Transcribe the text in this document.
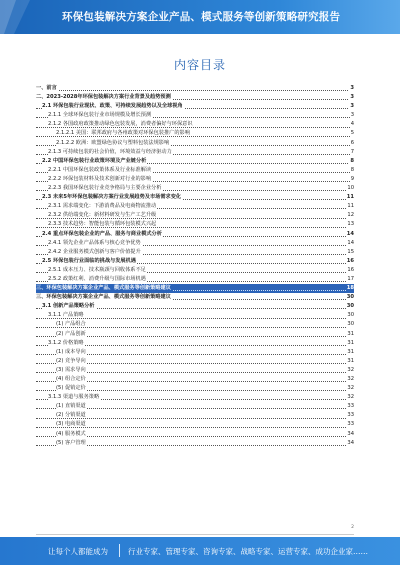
环保包装解决方案企业产品、模式服务等创新策略研究报告
内容目录
一、前言	3
二、2023-2028年环保包装解决方案行业背景及趋势预测	3
2.1 环保包装行业现状、政策、可持续发展趋势以及全球视角	3
2.1.1 全球环保包装行业市场规模及增长预测	3
2.1.2 各国政府政策推动绿色包装发展，消费者偏好与环保意识	4
2.1.2.1 美国：联邦政府与各州政策对环保包装推广的影响	5
2.1.2.2 欧洲：欧盟绿色协议与塑料包装法规影响	6
2.1.3 可持续包装的社会价值，环境效益与经济驱动力	7
2.2 中国环保包装行业政策环境及产业链分析	8
2.2.1 中国环保包装政策体系及行业标准解读	8
2.2.2 环保包装材料及技术创新对行业的影响	9
2.2.3 我国环保包装行业竞争格局与主要企业分析	10
2.3 未来5年环保包装解决方案行业发展趋势及市场需求变化	11
2.3.1 需求端变化：下游消费品及电商物流推动	11
2.3.2 供给端变化：新材料研发与生产工艺升级	12
2.3.3 技术趋势：智能包装与循环包装模式兴起	13
2.4 重点环保包装企业的产品、服务与商业模式分析	14
2.4.1 领先企业产品体系与核心竞争优势	14
2.4.2 企业服务模式创新与客户价值提升	15
2.5 环保包装行业面临的挑战与发展机遇	16
2.5.1 成本压力、技术瓶颈与回收体系不足	16
2.5.2 政策红利、消费升级与国际市场机遇	17
三、环保包装解决方案企业产品、模式服务等创新策略建议	18
三、环保包装解决方案企业产品、模式服务等创新策略建议	30
3.1 创新产品策略分析	30
3.1.1 产品策略	30
(1) 产品组合	30
(2) 产品创新	31
3.1.2 价格策略	31
(1) 成本导向	31
(2) 竞争导向	31
(3) 需求导向	32
(4) 组合定价	32
(5) 促销定价	32
3.1.3 渠道与服务策略	32
(1) 直销渠道	33
(2) 分销渠道	33
(3) 电商渠道	33
(4) 服务模式	34
(5) 客户管理	34
2
让每个人都能成为	行业专家、管理专家、咨询专家、战略专家、运营专家、成功企业家……
